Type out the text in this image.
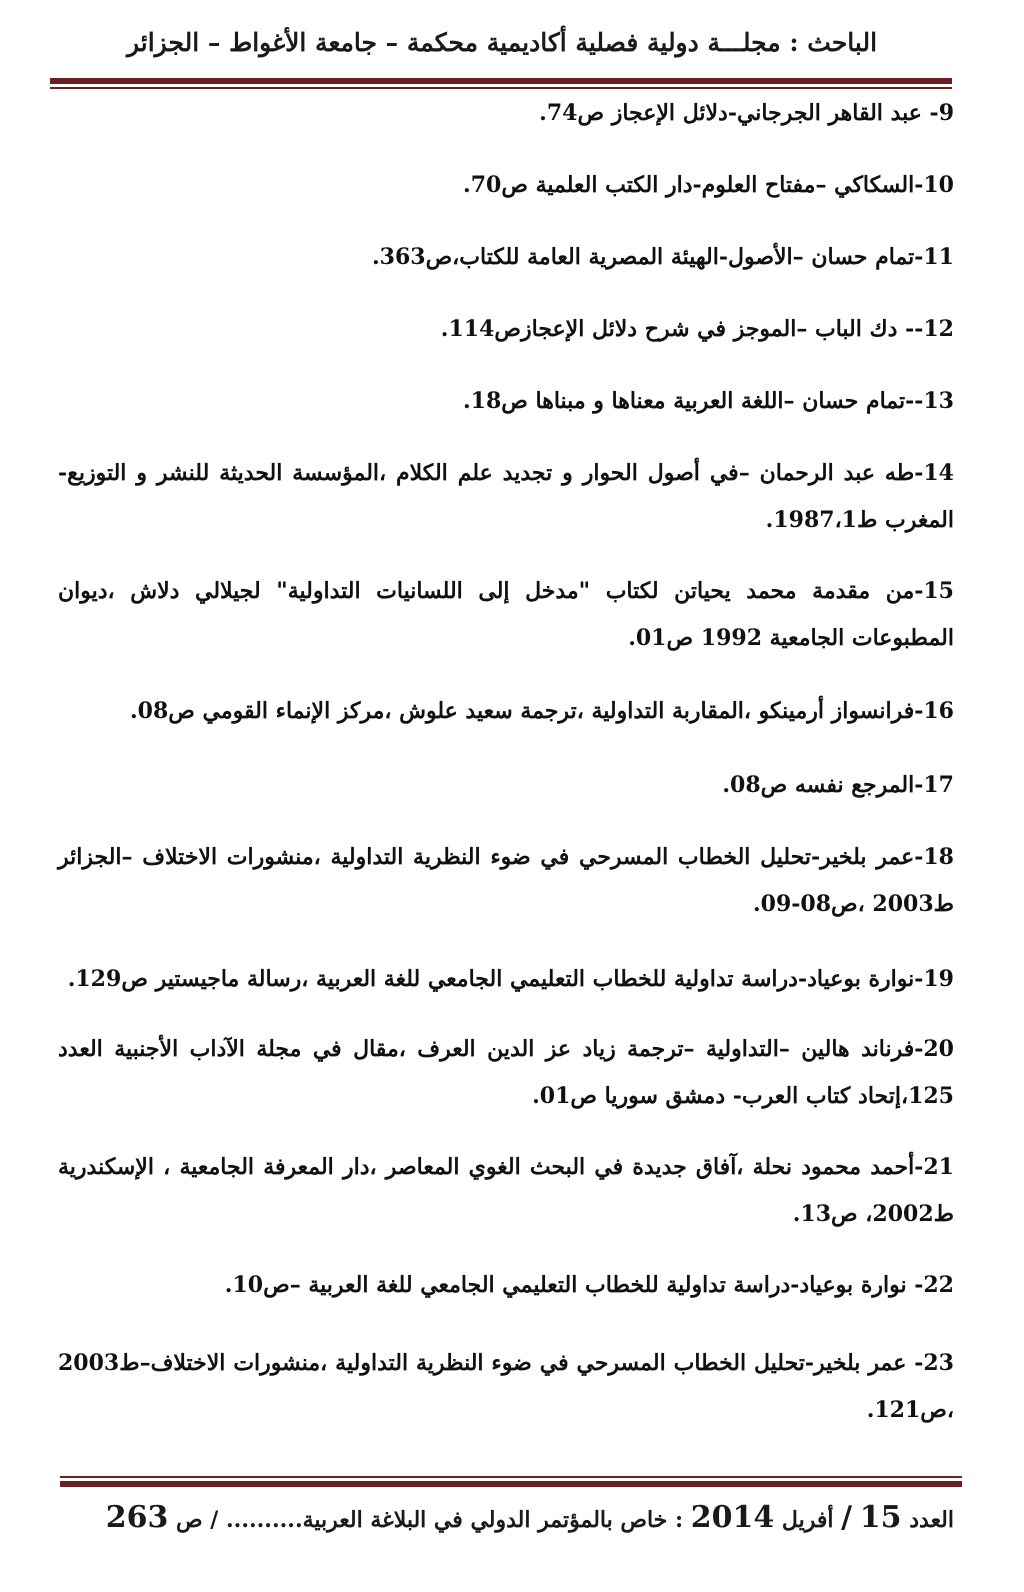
الباحث : مجلـــة دولية فصلية أكاديمية محكمة – جامعة الأغواط – الجزائر
9- عبد القاهر الجرجاني-دلائل الإعجاز ص74.
10-السكاكي –مفتاح العلوم-دار الكتب العلمية ص70.
11-تمام حسان –الأصول-الهيئة المصرية العامة للكتاب،ص363.
12-- دك الباب –الموجز في شرح دلائل الإعجازص114.
13--تمام حسان –اللغة العربية معناها و مبناها ص18.
14-طه عبد الرحمان –في أصول الحوار و تجديد علم الكلام ،المؤسسة الحديثة للنشر و التوزيع- المغرب ط1987،1.
15-من مقدمة محمد يحياتن لكتاب "مدخل إلى اللسانيات التداولية" لجيلالي دلاش ،ديوان المطبوعات الجامعية 1992 ص01.
16-فرانسواز أرمينكو ،المقاربة التداولية ،ترجمة سعيد علوش ،مركز الإنماء القومي ص08.
17-المرجع نفسه ص08.
18-عمر بلخير-تحليل الخطاب المسرحي في ضوء النظرية التداولية ،منشورات الاختلاف –الجزائر ط2003 ،ص08-09.
19-نوارة بوعياد-دراسة تداولية للخطاب التعليمي الجامعي للغة العربية ،رسالة ماجيستير ص129.
20-فرناند هالين –التداولية –ترجمة زياد عز الدين العرف ،مقال في مجلة الآداب الأجنبية العدد 125،إتحاد كتاب العرب- دمشق سوريا ص01.
21-أحمد محمود نحلة ،آفاق جديدة في البحث الغوي المعاصر ،دار المعرفة الجامعية ، الإسكندرية ط2002، ص13.
22- نوارة بوعياد-دراسة تداولية للخطاب التعليمي الجامعي للغة العربية –ص10.
23- عمر بلخير-تحليل الخطاب المسرحي في ضوء النظرية التداولية ،منشورات الاختلاف–ط2003 ،ص121.
العدد 15 / أفريل 2014 : خاص بالمؤتمر الدولي في البلاغة العربية.......... / ص 263
